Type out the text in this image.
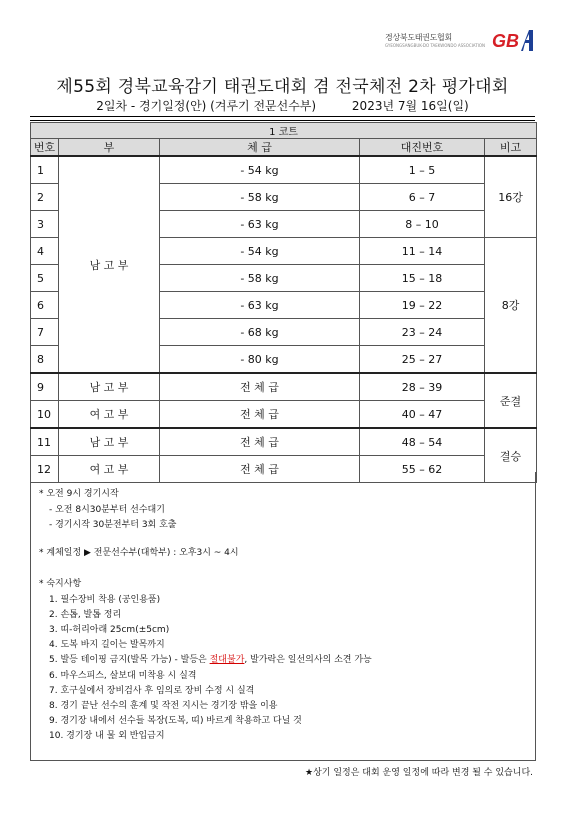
경상북도태권도협회
GYEONGSANGBUK-DO TAEKWONDO ASSOCIATION GB
제55회 경북교육감기 태권도대회 겸 전국체전 2차 평가대회
2일차 - 경기일정(안) (겨루기 전문선수부)	2023년 7월 16일(일)
1 코트				
번호	부	체 급	대진번호	비고
1	남 고 부	- 54 kg	1 – 5	16강
2		- 58 kg	6 – 7	
3		- 63 kg	8 – 10	
4		- 54 kg	11 – 14	8강
5		- 58 kg	15 – 18	
6		- 63 kg	19 – 22	
7		- 68 kg	23 – 24	
8		- 80 kg	25 – 27	
9	남 고 부	전 체 급	28 – 39	준결
10	여 고 부	전 체 급	40 – 47	
11	남 고 부	전 체 급	48 – 54	결승
12	여 고 부	전 체 급	55 – 62	
* 오전 9시 경기시작
- 오전 8시30분부터 선수대기
- 경기시작 30분전부터 3회 호출
* 계체일정 ▶ 전문선수부(대학부) : 오후3시 ~ 4시
* 숙지사항
1. 필수장비 착용 (공인용품)
2. 손톱, 발톱 정리
3. 띠-허리아래 25cm(±5cm)
4. 도복 바지 길이는 발목까지
5. 발등 테이핑 금지(발목 가능) - 발등은 절대불가, 발가락은 일선의사의 소견 가능
6. 마우스피스, 살보대 미착용 시 실격
7. 호구실에서 장비검사 후 임의로 장비 수정 시 실격
8. 경기 끝난 선수의 훈계 및 작전 지시는 경기장 밖을 이용
9. 경기장 내에서 선수들 복장(도복, 띠) 바르게 착용하고 다닐 것
10. 경기장 내 물 외 반입금지
★상기 일정은 대회 운영 일정에 따라 변경 될 수 있습니다.
